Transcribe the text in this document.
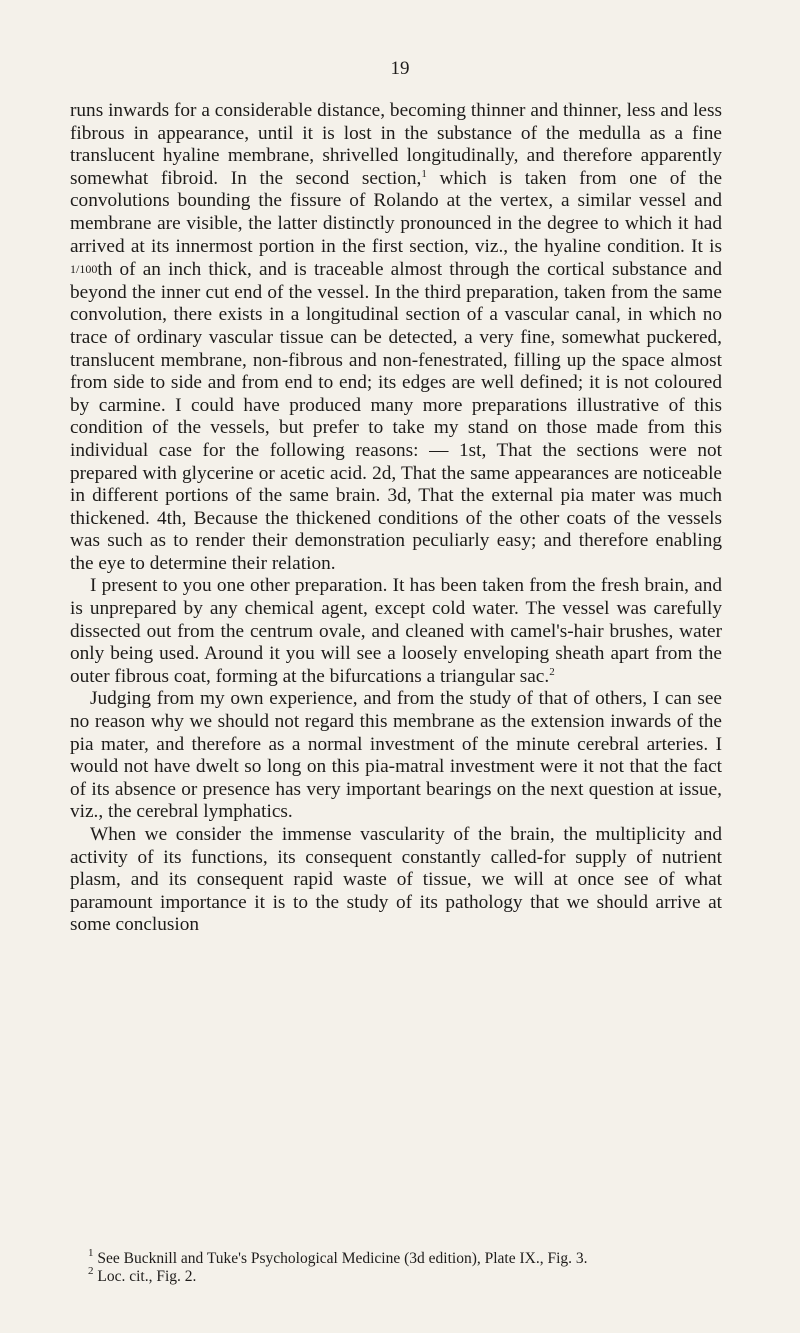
19

runs inwards for a considerable distance, becoming thinner and thinner, less and less fibrous in appearance, until it is lost in the substance of the medulla as a fine translucent hyaline membrane, shrivelled longitudinally, and therefore apparently somewhat fibroid. In the second section,$^1$ which is taken from one of the convolutions bounding the fissure of Rolando at the vertex, a similar vessel and membrane are visible, the latter distinctly pronounced in the degree to which it had arrived at its innermost portion in the first section, viz., the hyaline condition. It is 1/100th of an inch thick, and is traceable almost through the cortical substance and beyond the inner cut end of the vessel. In the third preparation, taken from the same convolution, there exists in a longitudinal section of a vascular canal, in which no trace of ordinary vascular tissue can be detected, a very fine, somewhat puckered, translucent membrane, non-fibrous and non-fenestrated, filling up the space almost from side to side and from end to end; its edges are well defined; it is not coloured by carmine. I could have produced many more preparations illustrative of this condition of the vessels, but prefer to take my stand on those made from this individual case for the following reasons: — 1st, That the sections were not prepared with glycerine or acetic acid. 2d, That the same appearances are noticeable in different portions of the same brain. 3d, That the external pia mater was much thickened. 4th, Because the thickened conditions of the other coats of the vessels was such as to render their demonstration peculiarly easy; and therefore enabling the eye to determine their relation.

I present to you one other preparation. It has been taken from the fresh brain, and is unprepared by any chemical agent, except cold water. The vessel was carefully dissected out from the centrum ovale, and cleaned with camel's-hair brushes, water only being used. Around it you will see a loosely enveloping sheath apart from the outer fibrous coat, forming at the bifurcations a triangular sac.$^2$

Judging from my own experience, and from the study of that of others, I can see no reason why we should not regard this membrane as the extension inwards of the pia mater, and therefore as a normal investment of the minute cerebral arteries. I would not have dwelt so long on this pia-matral investment were it not that the fact of its absence or presence has very important bearings on the next question at issue, viz., the cerebral lymphatics.

When we consider the immense vascularity of the brain, the multiplicity and activity of its functions, its consequent constantly called-for supply of nutrient plasm, and its consequent rapid waste of tissue, we will at once see of what paramount importance it is to the study of its pathology that we should arrive at some conclusion

$^1$ See Bucknill and Tuke's Psychological Medicine (3d edition), Plate IX., Fig. 3.

$^2$ Loc. cit., Fig. 2.
